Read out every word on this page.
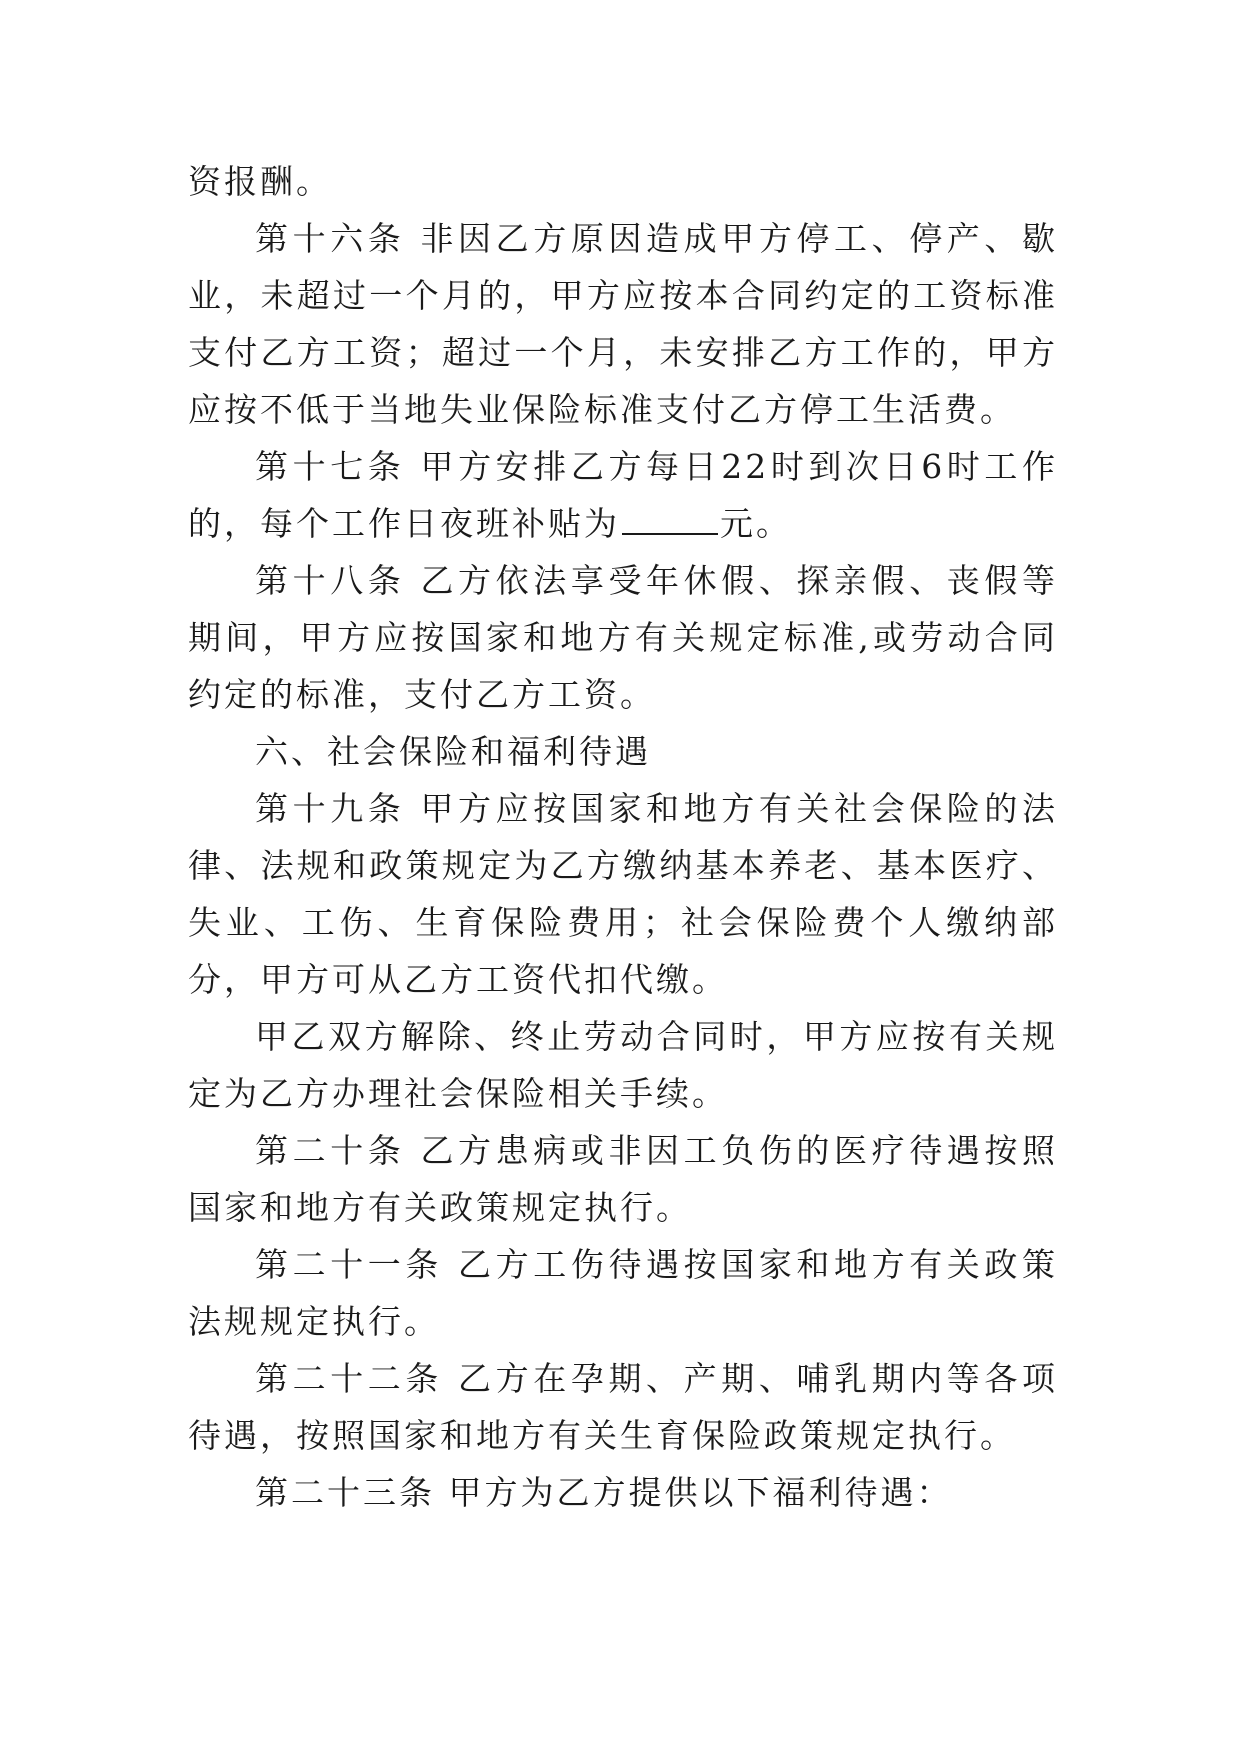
资报酬。

第十六条 非因乙方原因造成甲方停工、停产、歇业，未超过一个月的，甲方应按本合同约定的工资标准支付乙方工资；超过一个月，未安排乙方工作的，甲方应按不低于当地失业保险标准支付乙方停工生活费。

第十七条 甲方安排乙方每日22时到次日6时工作的，每个工作日夜班补贴为	元。

第十八条 乙方依法享受年休假、探亲假、丧假等期间，甲方应按国家和地方有关规定标准,或劳动合同约定的标准，支付乙方工资。

六、社会保险和福利待遇

第十九条 甲方应按国家和地方有关社会保险的法律、法规和政策规定为乙方缴纳基本养老、基本医疗、失业、工伤、生育保险费用；社会保险费个人缴纳部分，甲方可从乙方工资代扣代缴。

甲乙双方解除、终止劳动合同时，甲方应按有关规定为乙方办理社会保险相关手续。

第二十条 乙方患病或非因工负伤的医疗待遇按照国家和地方有关政策规定执行。

第二十一条 乙方工伤待遇按国家和地方有关政策法规规定执行。

第二十二条 乙方在孕期、产期、哺乳期内等各项待遇，按照国家和地方有关生育保险政策规定执行。

第二十三条 甲方为乙方提供以下福利待遇：
